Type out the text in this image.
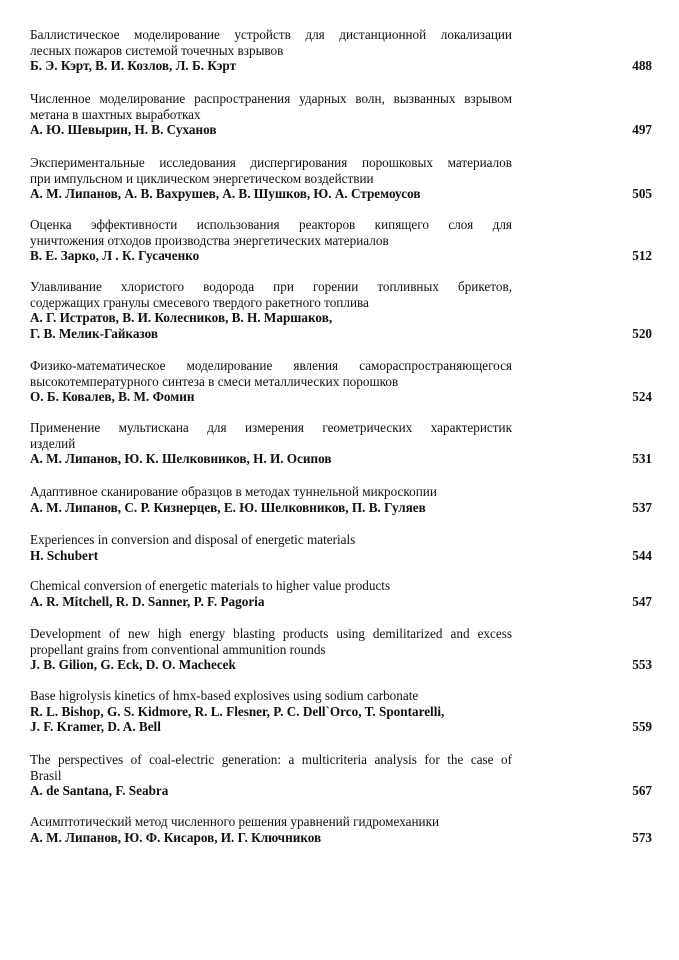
Баллистическое моделирование устройств для дистанционной локализации
лесных пожаров системой точечных взрывов
Б. Э. Кэрт, В. И. Козлов, Л. Б. Кэрт	488
Численное моделирование распространения ударных волн, вызванных взрывом
метана в шахтных выработках
А. Ю. Шевырин, Н. В. Суханов	497
Экспериментальные исследования диспергирования порошковых материалов
при импульсном и циклическом энергетическом воздействии
А. М. Липанов, А. В. Вахрушев, А. В. Шушков, Ю. А. Стремоусов	505
Оценка эффективности использования реакторов кипящего слоя для
уничтожения отходов производства энергетических материалов
В. Е. Зарко, Л . К. Гусаченко	512
Улавливание хлористого водорода при горении топливных брикетов,
содержащих гранулы смесевого твердого ракетного топлива
А. Г. Истратов, В. И. Колесников, В. Н. Маршаков,
Г. В. Мелик-Гайказов	520
Физико-математическое моделирование явления самораспространяющегося
высокотемпературного синтеза в смеси металлических порошков
О. Б. Ковалев, В. М. Фомин	524
Применение мультискана для измерения геометрических характеристик
изделий
А. М. Липанов, Ю. К. Шелковников, Н. И. Осипов	531
Адаптивное сканирование образцов в методах туннельной микроскопии
А. М. Липанов, С. Р. Кизнерцев, Е. Ю. Шелковников, П. В. Гуляев	537
Experiences in conversion and disposal of energetic materials
H. Schubert	544
Chemical conversion of energetic materials to higher value products
A. R. Mitchell, R. D. Sanner, P. F. Pagoria	547
Development of new high energy blasting products using demilitarized and excess
propellant grains from conventional ammunition rounds
J. B. Gilion, G. Eck, D. O. Machecek	553
Base higrolysis kinetics of hmx-based explosives using sodium carbonate
R. L. Bishop, G. S. Kidmore, R. L. Flesner, P. C. Dell`Orco, T. Spontarelli,
J. F. Kramer, D. A. Bell	559
The perspectives of coal-electric generation: a multicriteria analysis for the case of
Brasil
A. de Santana, F. Seabra	567
Асимптотический метод численного решения уравнений гидромеханики
А. М. Липанов, Ю. Ф. Кисаров, И. Г. Ключников	573
